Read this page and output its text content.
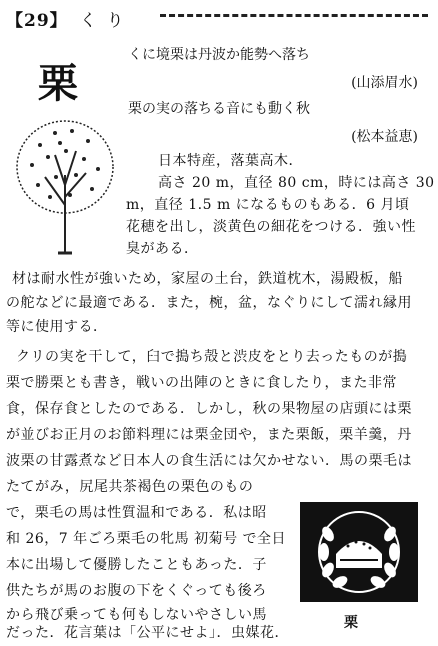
【29】 くり
栗
くに境栗は丹波か能勢へ落ち
(山添眉水)
栗の実の落ちる音にも動く秋
(松本益恵)
日本特産，落葉高木．
高さ 20 m，直径 80 cm，時には高さ 30
m，直径 1.5 m になるものもある．6 月頃
花穂を出し，淡黄色の細花をつける．強い性
臭がある．
材は耐水性が強いため，家屋の土台，鉄道枕木，湯殿板，船
の舵などに最適である．また，椀，盆，なぐりにして濡れ縁用
等に使用する．
クリの実を干して，臼で搗ち殻と渋皮をとり去ったものが搗
栗で勝栗とも書き，戦いの出陣のときに食したり，また非常
食，保存食としたのである．しかし，秋の果物屋の店頭には栗
が並びお正月のお節料理には栗金団や，また栗飯，栗羊羹，丹
波栗の甘露煮など日本人の食生活には欠かせない．馬の栗毛は
たてがみ，尻尾共茶褐色の栗色のもの
で，栗毛の馬は性質温和である．私は昭
和 26，7 年ごろ栗毛の牝馬 初菊号 で全日
本に出場して優勝したこともあった．子
供たちが馬のお腹の下をくぐっても後ろ
から飛び乗っても何もしないやさしい馬
だった．花言葉は「公平にせよ」．虫媒花．
栗
